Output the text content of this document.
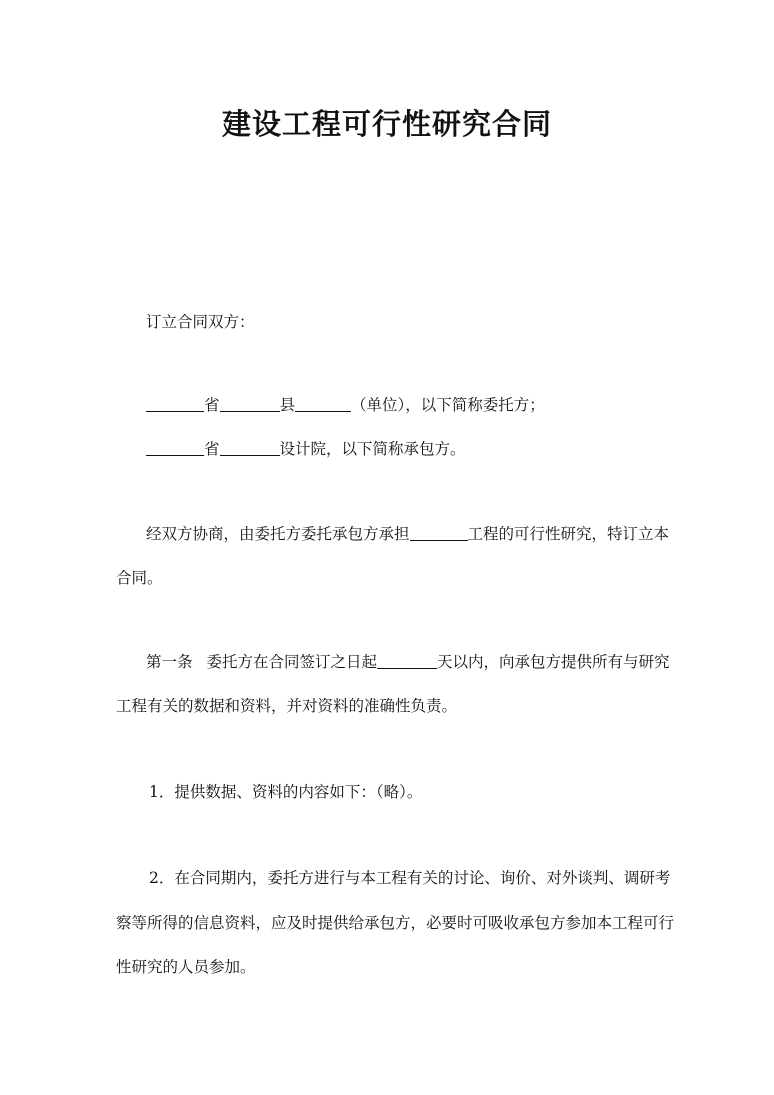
建设工程可行性研究合同

订立合同双方：

省	县	（单位），以下简称委托方；

省	设计院，以下简称承包方。

经双方协商，由委托方委托承包方承担	工程的可行性研究，特订立本

合同。

第一条 委托方在合同签订之日起	天以内，向承包方提供所有与研究

工程有关的数据和资料，并对资料的准确性负责。

1．提供数据、资料的内容如下：（略）。

2．在合同期内，委托方进行与本工程有关的讨论、询价、对外谈判、调研考

察等所得的信息资料，应及时提供给承包方，必要时可吸收承包方参加本工程可行

性研究的人员参加。
